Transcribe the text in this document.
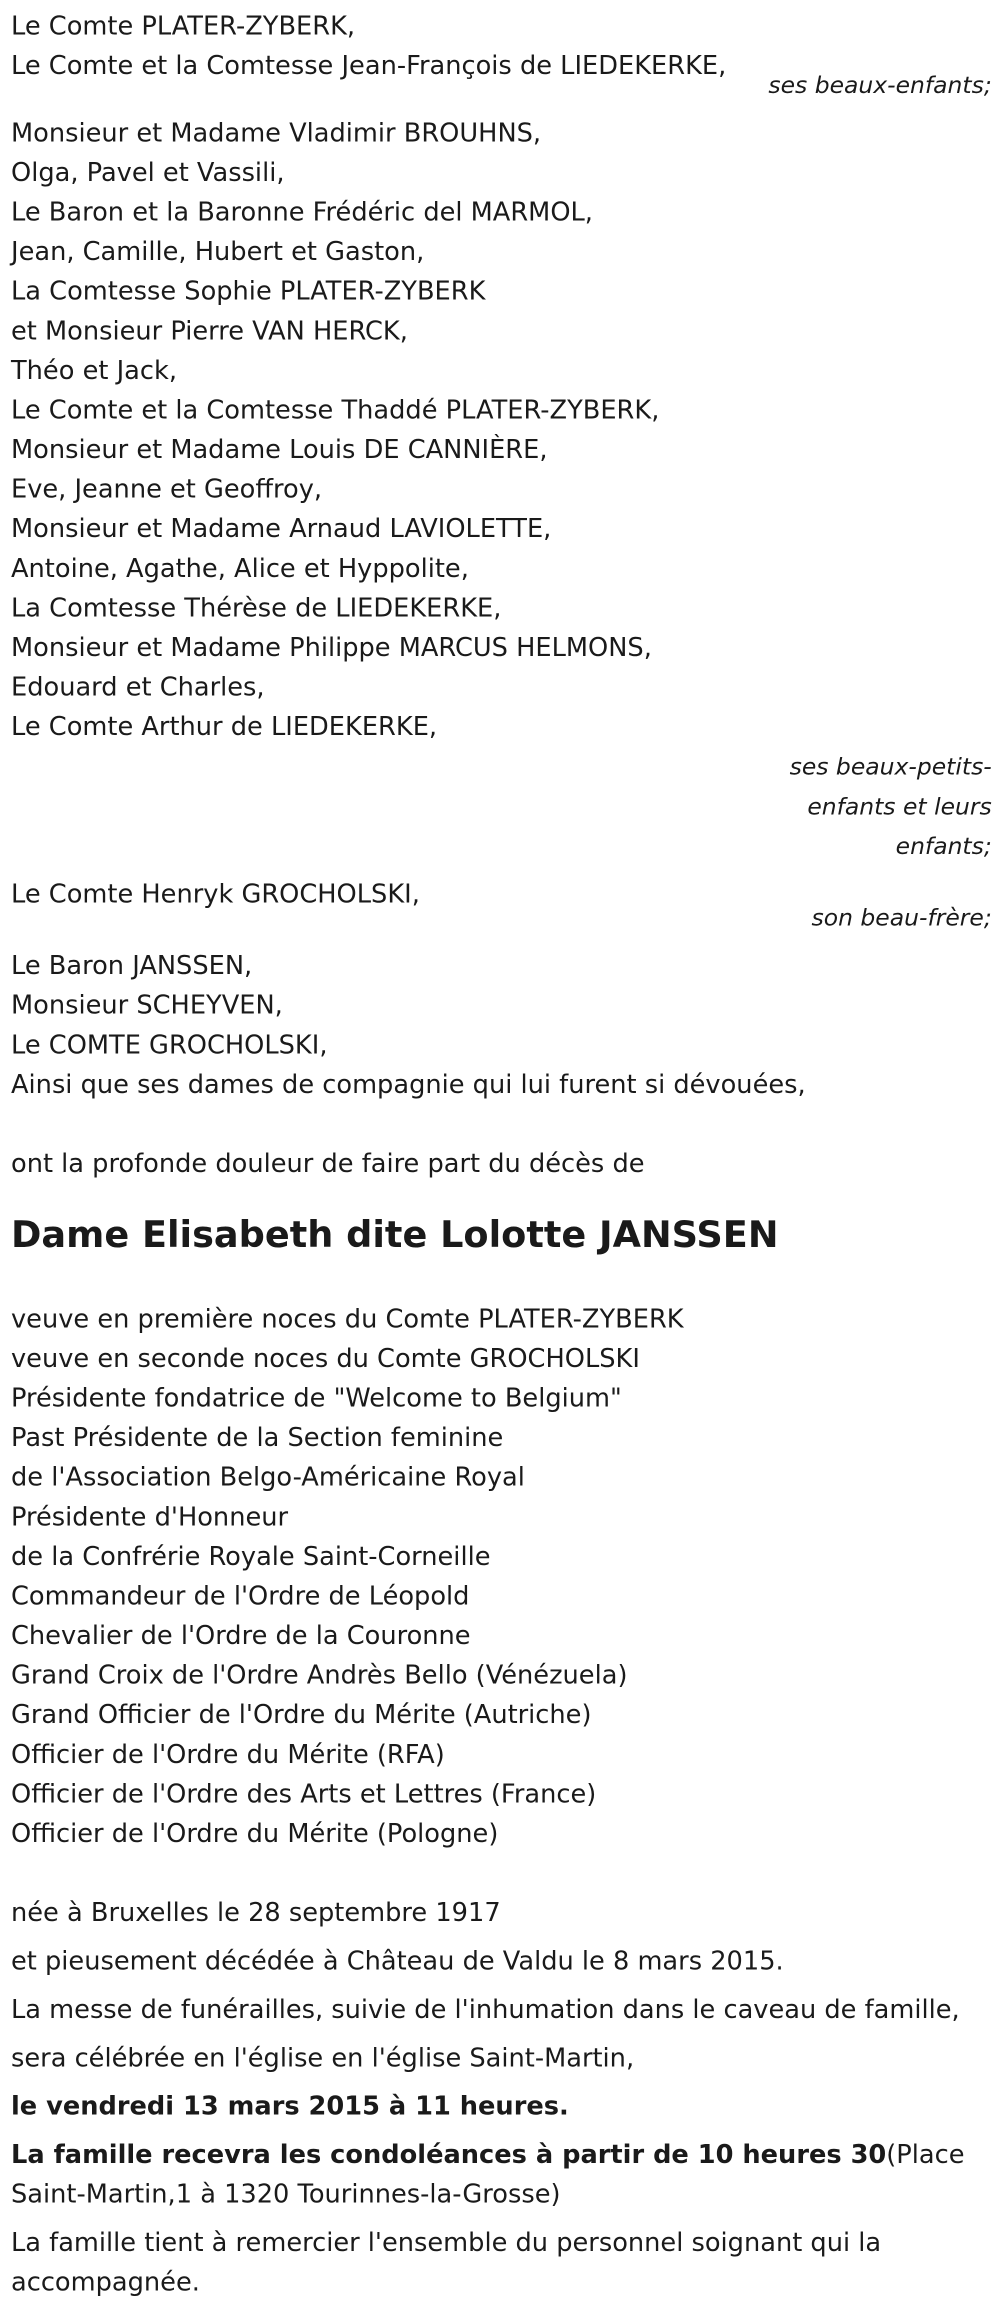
Le Comte PLATER-ZYBERK,
Le Comte et la Comtesse Jean-François de LIEDEKERKE,
ses beaux-enfants;
Monsieur et Madame Vladimir BROUHNS,
Olga, Pavel et Vassili,
Le Baron et la Baronne Frédéric del MARMOL,
Jean, Camille, Hubert et Gaston,
La Comtesse Sophie PLATER-ZYBERK
et Monsieur Pierre VAN HERCK,
Théo et Jack,
Le Comte et la Comtesse Thaddé PLATER-ZYBERK,
Monsieur et Madame Louis DE CANNIÈRE,
Eve, Jeanne et Geoffroy,
Monsieur et Madame Arnaud LAVIOLETTE,
Antoine, Agathe, Alice et Hyppolite,
La Comtesse Thérèse de LIEDEKERKE,
Monsieur et Madame Philippe MARCUS HELMONS,
Edouard et Charles,
Le Comte Arthur de LIEDEKERKE,
ses beaux-petits-
enfants et leurs
enfants;
Le Comte Henryk GROCHOLSKI,
son beau-frère;
Le Baron JANSSEN,
Monsieur SCHEYVEN,
Le COMTE GROCHOLSKI,
Ainsi que ses dames de compagnie qui lui furent si dévouées,
ont la profonde douleur de faire part du décès de
Dame Elisabeth dite Lolotte JANSSEN
veuve en première noces du Comte PLATER-ZYBERK
veuve en seconde noces du Comte GROCHOLSKI
Présidente fondatrice de "Welcome to Belgium"
Past Présidente de la Section feminine
de l'Association Belgo-Américaine Royal
Présidente d'Honneur
de la Confrérie Royale Saint-Corneille
Commandeur de l'Ordre de Léopold
Chevalier de l'Ordre de la Couronne
Grand Croix de l'Ordre Andrès Bello (Vénézuela)
Grand Officier de l'Ordre du Mérite (Autriche)
Officier de l'Ordre du Mérite (RFA)
Officier de l'Ordre des Arts et Lettres (France)
Officier de l'Ordre du Mérite (Pologne)
née à Bruxelles le 28 septembre 1917
et pieusement décédée à Château de Valdu le 8 mars 2015.
La messe de funérailles, suivie de l'inhumation dans le caveau de famille,
sera célébrée en l'église en l'église Saint-Martin,
le vendredi 13 mars 2015 à 11 heures.
La famille recevra les condoléances à partir de 10 heures 30(Place Saint-Martin,1 à 1320 Tourinnes-la-Grosse)
La famille tient à remercier l'ensemble du personnel soignant qui la accompagnée.
